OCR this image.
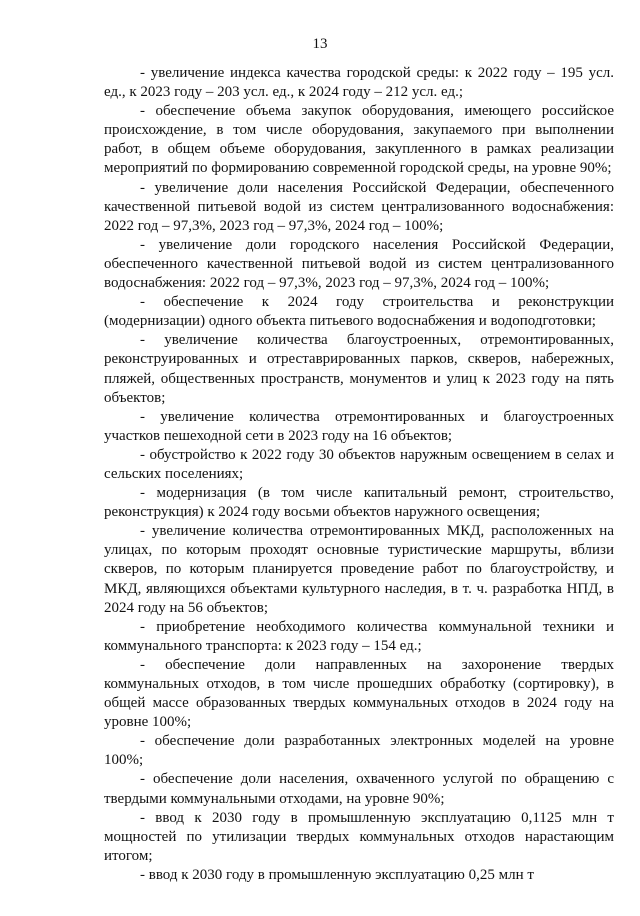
13

- увеличение индекса качества городской среды: к 2022 году – 195 усл. ед., к 2023 году – 203 усл. ед., к 2024 году – 212 усл. ед.;

- обеспечение объема закупок оборудования, имеющего российское происхождение, в том числе оборудования, закупаемого при выполнении работ, в общем объеме оборудования, закупленного в рамках реализации мероприятий по формированию современной городской среды, на уровне 90%;

- увеличение доли населения Российской Федерации, обеспеченного качественной питьевой водой из систем централизованного водоснабжения: 2022 год – 97,3%, 2023 год – 97,3%, 2024 год – 100%;

- увеличение доли городского населения Российской Федерации, обеспеченного качественной питьевой водой из систем централизованного водоснабжения: 2022 год – 97,3%, 2023 год – 97,3%, 2024 год – 100%;

- обеспечение к 2024 году строительства и реконструкции (модернизации) одного объекта питьевого водоснабжения и водоподготовки;

- увеличение количества благоустроенных, отремонтированных, реконструированных и отреставрированных парков, скверов, набережных, пляжей, общественных пространств, монументов и улиц к 2023 году на пять объектов;

- увеличение количества отремонтированных и благоустроенных участков пешеходной сети в 2023 году на 16 объектов;

- обустройство к 2022 году 30 объектов наружным освещением в селах и сельских поселениях;

- модернизация (в том числе капитальный ремонт, строительство, реконструкция) к 2024 году восьми объектов наружного освещения;

- увеличение количества отремонтированных МКД, расположенных на улицах, по которым проходят основные туристические маршруты, вблизи скверов, по которым планируется проведение работ по благоустройству, и МКД, являющихся объектами культурного наследия, в т. ч. разработка НПД, в 2024 году на 56 объектов;

- приобретение необходимого количества коммунальной техники и коммунального транспорта: к 2023 году – 154 ед.;

- обеспечение доли направленных на захоронение твердых коммунальных отходов, в том числе прошедших обработку (сортировку), в общей массе образованных твердых коммунальных отходов в 2024 году на уровне 100%;

- обеспечение доли разработанных электронных моделей на уровне 100%;

- обеспечение доли населения, охваченного услугой по обращению с твердыми коммунальными отходами, на уровне 90%;

- ввод к 2030 году в промышленную эксплуатацию 0,1125 млн т мощностей по утилизации твердых коммунальных отходов нарастающим итогом;

- ввод к 2030 году в промышленную эксплуатацию 0,25 млн т
